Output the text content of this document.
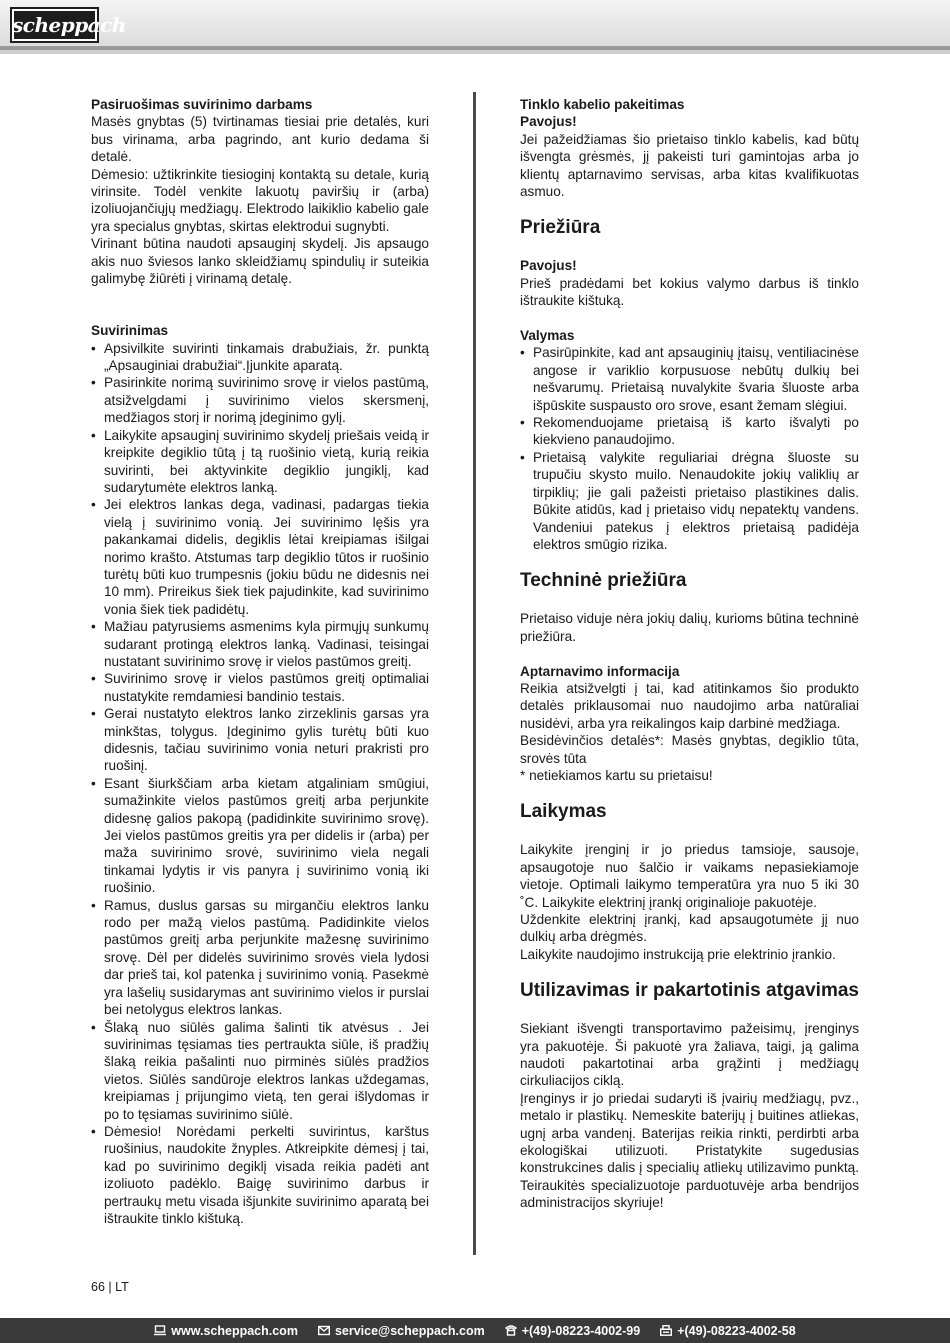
scheppach
Pasiruošimas suvirinimo darbams

Masės gnybtas (5) tvirtinamas tiesiai prie detalės, kuri bus virinama, arba pagrindo, ant kurio dedama ši detalė.

Dėmesio: užtikrinkite tiesioginį kontaktą su detale, kurią virinsite. Todėl venkite lakuotų paviršių ir (arba) izoliuojančiųjų medžiagų. Elektrodo laikiklio kabelio gale yra specialus gnybtas, skirtas elektrodui sugnybti.

Virinant būtina naudoti apsauginį skydelį. Jis apsaugo akis nuo šviesos lanko skleidžiamų spindulių ir suteikia galimybę žiūrėti į virinamą detalę.

Suvirinimas
• Apsivilkite suvirinti tinkamais drabužiais, žr. punktą „Apsauginiai drabužiai“.Įjunkite aparatą.
• Pasirinkite norimą suvirinimo srovę ir vielos pastūmą, atsižvelgdami į suvirinimo vielos skersmenį, medžiagos storį ir norimą įdeginimo gylį.
• Laikykite apsauginį suvirinimo skydelį priešais veidą ir kreipkite degiklio tūtą į tą ruošinio vietą, kurią reikia suvirinti, bei aktyvinkite degiklio jungiklį, kad sudarytumėte elektros lanką.
• Jei elektros lankas dega, vadinasi, padargas tiekia vielą į suvirinimo vonią. Jei suvirinimo lęšis yra pakankamai didelis, degiklis lėtai kreipiamas išilgai norimo krašto. Atstumas tarp degiklio tūtos ir ruošinio turėtų būti kuo trumpesnis (jokiu būdu ne didesnis nei 10 mm). Prireikus šiek tiek pajudinkite, kad suvirinimo vonia šiek tiek padidėtų.
• Mažiau patyrusiems asmenims kyla pirmųjų sunkumų sudarant protingą elektros lanką. Vadinasi, teisingai nustatant suvirinimo srovę ir vielos pastūmos greitį.
• Suvirinimo srovę ir vielos pastūmos greitį optimaliai nustatykite remdamiesi bandinio testais.
• Gerai nustatyto elektros lanko zirzeklinis garsas yra minkštas, tolygus. Įdeginimo gylis turėtų būti kuo didesnis, tačiau suvirinimo vonia neturi prakristi pro ruošinį.
• Esant šiurkščiam arba kietam atgaliniam smūgiui, sumažinkite vielos pastūmos greitį arba perjunkite didesnę galios pakopą (padidinkite suvirinimo srovę). Jei vielos pastūmos greitis yra per didelis ir (arba) per maža suvirinimo srovė, suvirinimo viela negali tinkamai lydytis ir vis panyra į suvirinimo vonią iki ruošinio.
• Ramus, duslus garsas su mirgančiu elektros lanku rodo per mažą vielos pastūmą. Padidinkite vielos pastūmos greitį arba perjunkite mažesnę suvirinimo srovę. Dėl per didelės suvirinimo srovės viela lydosi dar prieš tai, kol patenka į suvirinimo vonią. Pasekmė yra lašelių susidarymas ant suvirinimo vielos ir purslai bei netolygus elektros lankas.
• Šlaką nuo siūlės galima šalinti tik atvėsus . Jei suvirinimas tęsiamas ties pertraukta siūle, iš pradžių šlaką reikia pašalinti nuo pirminės siūlės pradžios vietos. Siūlės sandūroje elektros lankas uždegamas, kreipiamas į prijungimo vietą, ten gerai išlydomas ir po to tęsiamas suvirinimo siūlė.
• Dėmesio! Norėdami perkelti suvirintus, karštus ruošinius, naudokite žnyples. Atkreipkite dėmesį į tai, kad po suvirinimo degiklį visada reikia padėti ant izoliuoto padėklo. Baigę suvirinimo darbus ir pertraukų metu visada išjunkite suvirinimo aparatą bei ištraukite tinklo kištuką.
Tinklo kabelio pakeitimas
Pavojus!

Jei pažeidžiamas šio prietaiso tinklo kabelis, kad būtų išvengta grėsmės, jį pakeisti turi gamintojas arba jo klientų aptarnavimo servisas, arba kitas kvalifikuotas asmuo.

Priežiūra
Pavojus!

Prieš pradėdami bet kokius valymo darbus iš tinklo ištraukite kištuką.

Valymas
• Pasirūpinkite, kad ant apsauginių įtaisų, ventiliacinėse angose ir variklio korpusuose nebūtų dulkių bei nešvarumų. Prietaisą nuvalykite švaria šluoste arba išpūskite suspausto oro srove, esant žemam slėgiui.
• Rekomenduojame prietaisą iš karto išvalyti po kiekvieno panaudojimo.
• Prietaisą valykite reguliariai drėgna šluoste su trupučiu skysto muilo. Nenaudokite jokių valiklių ar tirpiklių; jie gali pažeisti prietaiso plastikines dalis. Būkite atidūs, kad į prietaiso vidų nepatektų vandens. Vandeniui patekus į elektros prietaisą padidėja elektros smūgio rizika.
Techninė priežiūra

Prietaiso viduje nėra jokių dalių, kurioms būtina techninė priežiūra.

Aptarnavimo informacija

Reikia atsižvelgti į tai, kad atitinkamos šio produkto detalės priklausomai nuo naudojimo arba natūraliai nusidėvi, arba yra reikalingos kaip darbinė medžiaga.

Besidėvinčios detalės*: Masės gnybtas, degiklio tūta, srovės tūta

* netiekiamos kartu su prietaisu!

Laikymas

Laikykite įrenginį ir jo priedus tamsioje, sausoje, apsaugotoje nuo šalčio ir vaikams nepasiekiamoje vietoje. Optimali laikymo temperatūra yra nuo 5 iki 30 ˚C. Laikykite elektrinį įrankį originalioje pakuotėje.

Uždenkite elektrinį įrankį, kad apsaugotumėte jį nuo dulkių arba drėgmės.

Laikykite naudojimo instrukciją prie elektrinio įrankio.

Utilizavimas ir pakartotinis atgavimas

Siekiant išvengti transportavimo pažeisimų, įrenginys yra pakuotėje. Ši pakuotė yra žaliava, taigi, ją galima naudoti pakartotinai arba grąžinti į medžiagų cirkuliacijos ciklą.

Įrenginys ir jo priedai sudaryti iš įvairių medžiagų, pvz., metalo ir plastikų. Nemeskite baterijų į buitines atliekas, ugnį arba vandenį. Baterijas reikia rinkti, perdirbti arba ekologiškai utilizuoti. Pristatykite sugedusias konstrukcines dalis į specialių atliekų utilizavimo punktą. Teiraukitės specializuotoje parduotuvėje arba bendrijos administracijos skyriuje!

66 | LT
www.scheppach.com	service@scheppach.com	+(49)-08223-4002-99	+(49)-08223-4002-58
